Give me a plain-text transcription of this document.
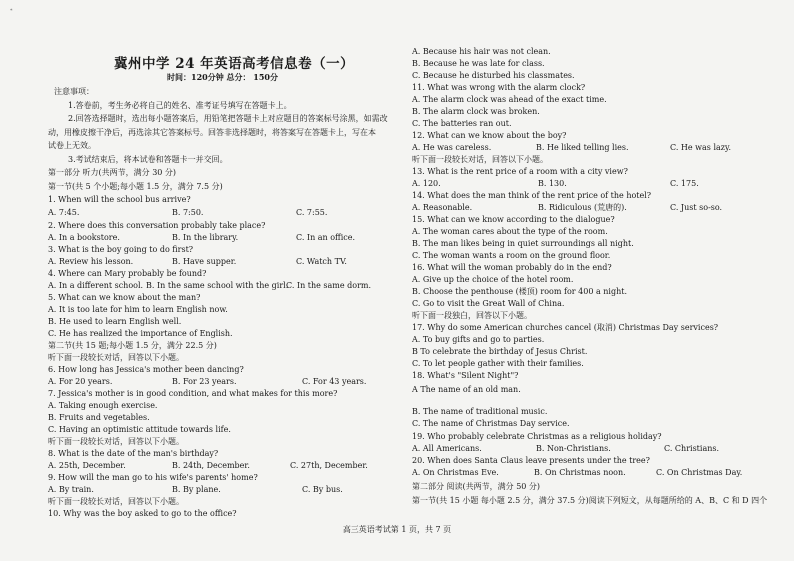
*
冀州中学 24 年英语高考信息卷（一）
时间：120分钟 总分： 150分
注意事项：
1.答卷前，考生务必将自己的姓名、准考证号填写在答题卡上。
2.回答选择题时，选出每小题答案后，用铅笔把答题卡上对应题目的答案标号涂黑，如需改
动，用橡皮擦干净后，再选涂其它答案标号。回答非选择题时，将答案写在答题卡上，写在本
试卷上无效。
3.考试结束后，将本试卷和答题卡一并交回。
第一部分 听力(共两节，满分 30 分)
第一节(共 5 个小题;每小题 1.5 分，满分 7.5 分)
1. When will the school bus arrive?
A. 7:45.	B. 7:50.	C. 7:55.
2. Where does this conversation probably take place?
A. In a bookstore.	B. In the library.	C. In an office.
3. What is the boy going to do first?
A. Review his lesson.	B. Have supper.	C. Watch TV.
4. Where can Mary probably be found?
A. In a different school. B. In the same school with the girl.
C. In the same dorm.
5. What can we know about the man?
A. It is too late for him to learn English now.
B. He used to learn English well.
C. He has realized the importance of English.
第二节(共 15 题;每小题 1.5 分，满分 22.5 分)
听下面一段较长对话，回答以下小题。
6. How long has Jessica's mother been dancing?
A. For 20 years.	B. For 23 years.	C. For 43 years.
7. Jessica's mother is in good condition, and what makes for this more?
A. Taking enough exercise.
B. Fruits and vegetables.
C. Having an optimistic attitude towards life.
听下面一段较长对话，回答以下小题。
8. What is the date of the man's birthday?
A. 25th, December.	B. 24th, December.	C. 27th, December.
9. How will the man go to his wife's parents' home?
A. By train.	B. By plane.	C. By bus.
听下面一段较长对话，回答以下小题。
10. Why was the boy asked to go to the office?
A. Because his hair was not clean.
B. Because he was late for class.
C. Because he disturbed his classmates.
11. What was wrong with the alarm clock?
A. The alarm clock was ahead of the exact time.
B. The alarm clock was broken.
C. The batteries ran out.
12. What can we know about the boy?
A. He was careless.	B. He liked telling lies.	C. He was lazy.
听下面一段较长对话，回答以下小题。
13. What is the rent price of a room with a city view?
A. 120.	B. 130.	C. 175.
14. What does the man think of the rent price of the hotel?
A. Reasonable.	B. Ridiculous (荒唐的).	C. Just so-so.
15. What can we know according to the dialogue?
A. The woman cares about the type of the room.
B. The man likes being in quiet surroundings all night.
C. The woman wants a room on the ground floor.
16. What will the woman probably do in the end?
A. Give up the choice of the hotel room.
B. Choose the penthouse (楼顶) room for 400 a night.
C. Go to visit the Great Wall of China.
听下面一段独白，回答以下小题。
17. Why do some American churches cancel (取消) Christmas Day services?
A. To buy gifts and go to parties.
B To celebrate the birthday of Jesus Christ.
C. To let people gather with their families.
18. What's "Silent Night"?
A The name of an old man.
B. The name of traditional music.
C. The name of Christmas Day service.
19. Who probably celebrate Christmas as a religious holiday?
A. All Americans.	B. Non-Christians.	C. Christians.
20. When does Santa Claus leave presents under the tree?
A. On Christmas Eve.	B. On Christmas noon.	C. On Christmas Day.
第二部分 阅读(共两节，满分 50 分)
第一节(共 15 小题 每小题 2.5 分，满分 37.5 分)阅读下列短文，从每题所给的 A、B、C 和 D 四个
高三英语考试第 1 页，共 7 页
